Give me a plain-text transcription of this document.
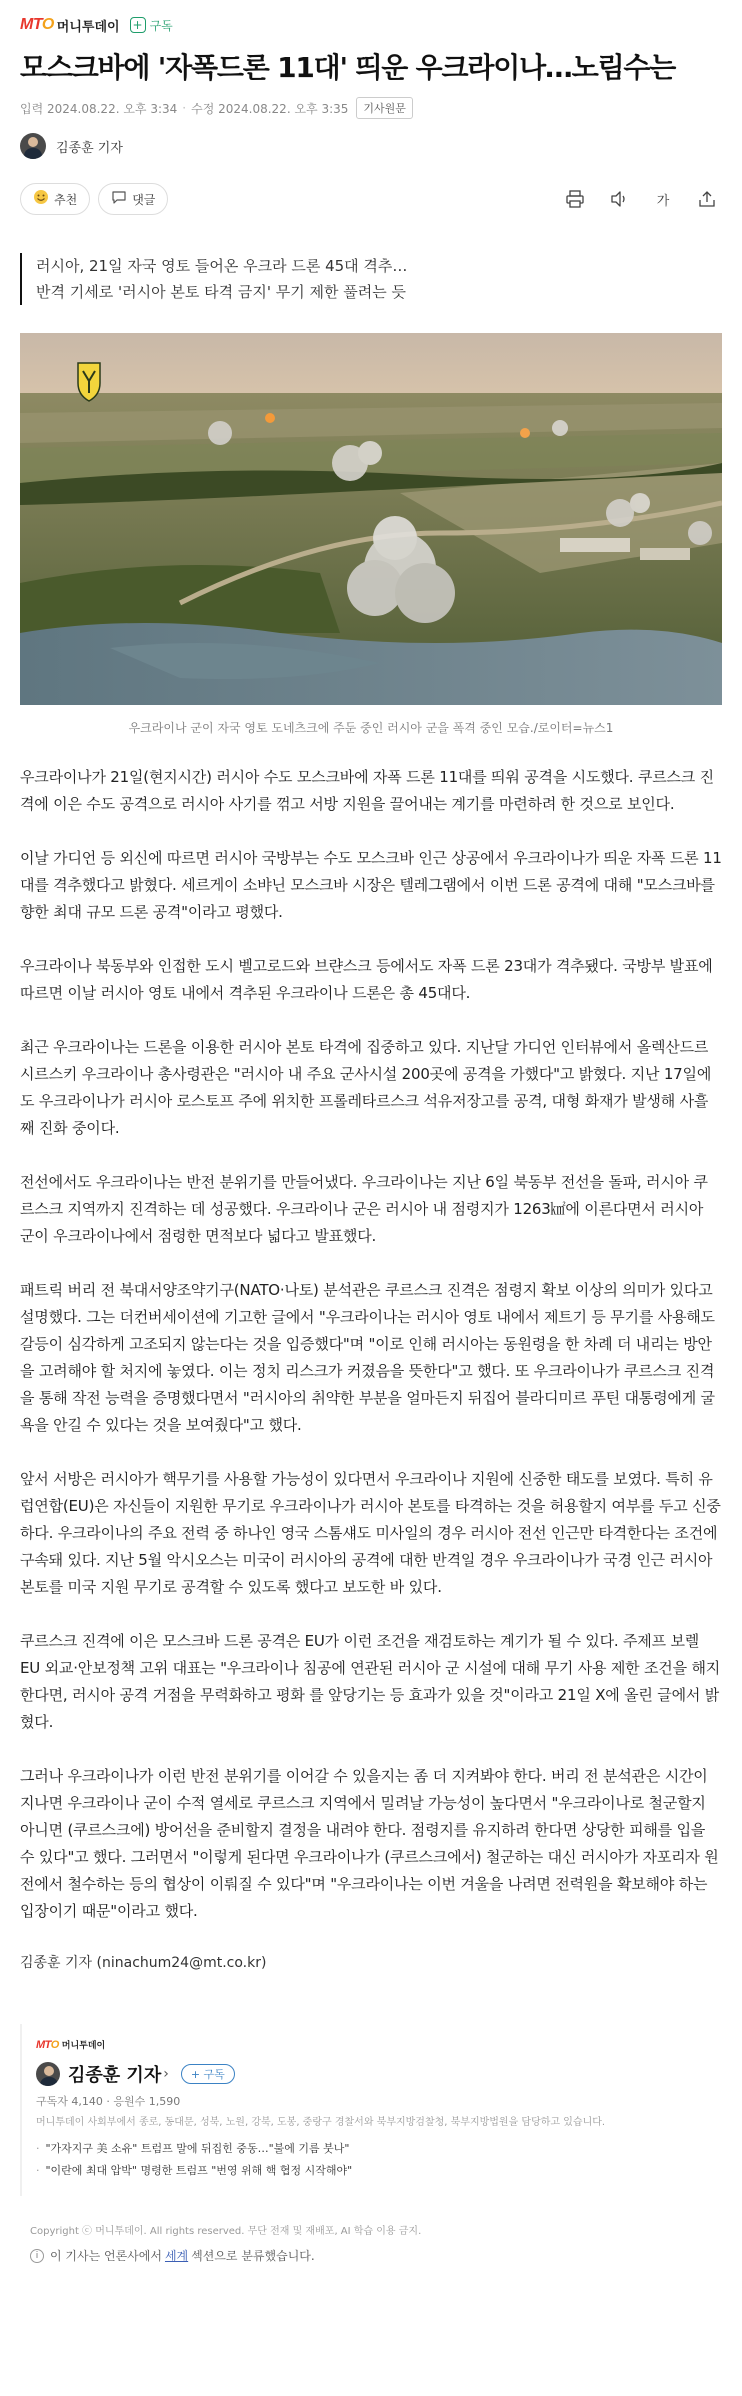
MTO 머니투데이 + 구독
모스크바에 '자폭드론 11대' 띄운 우크라이나…노림수는
입력 2024.08.22. 오후 3:34 · 수정 2024.08.22. 오후 3:35	기사원문
김종훈 기자
추천	댓글	가

러시아, 21일 자국 영토 들어온 우크라 드론 45대 격추…

반격 기세로 '러시아 본토 타격 금지' 무기 제한 풀려는 듯

우크라이나 군이 자국 영토 도네츠크에 주둔 중인 러시아 군을 폭격 중인 모습./로이터=뉴스1

우크라이나가 21일(현지시간) 러시아 수도 모스크바에 자폭 드론 11대를 띄워 공격을 시도했다. 쿠르스크 진격에 이은 수도 공격으로 러시아 사기를 꺾고 서방 지원을 끌어내는 계기를 마련하려 한 것으로 보인다.

이날 가디언 등 외신에 따르면 러시아 국방부는 수도 모스크바 인근 상공에서 우크라이나가 띄운 자폭 드론 11대를 격추했다고 밝혔다. 세르게이 소뱌닌 모스크바 시장은 텔레그램에서 이번 드론 공격에 대해 "모스크바를 향한 최대 규모 드론 공격"이라고 평했다.

우크라이나 북동부와 인접한 도시 벨고로드와 브랸스크 등에서도 자폭 드론 23대가 격추됐다. 국방부 발표에 따르면 이날 러시아 영토 내에서 격추된 우크라이나 드론은 총 45대다.

최근 우크라이나는 드론을 이용한 러시아 본토 타격에 집중하고 있다. 지난달 가디언 인터뷰에서 올렉산드르 시르스키 우크라이나 총사령관은 "러시아 내 주요 군사시설 200곳에 공격을 가했다"고 밝혔다. 지난 17일에도 우크라이나가 러시아 로스토프 주에 위치한 프롤레타르스크 석유저장고를 공격, 대형 화재가 발생해 사흘째 진화 중이다.

전선에서도 우크라이나는 반전 분위기를 만들어냈다. 우크라이나는 지난 6일 북동부 전선을 돌파, 러시아 쿠르스크 지역까지 진격하는 데 성공했다. 우크라이나 군은 러시아 내 점령지가 1263㎢에 이른다면서 러시아 군이 우크라이나에서 점령한 면적보다 넓다고 발표했다.

패트릭 버리 전 북대서양조약기구(NATO·나토) 분석관은 쿠르스크 진격은 점령지 확보 이상의 의미가 있다고 설명했다. 그는 더컨버세이션에 기고한 글에서 "우크라이나는 러시아 영토 내에서 제트기 등 무기를 사용해도 갈등이 심각하게 고조되지 않는다는 것을 입증했다"며 "이로 인해 러시아는 동원령을 한 차례 더 내리는 방안을 고려해야 할 처지에 놓였다. 이는 정치 리스크가 커졌음을 뜻한다"고 했다. 또 우크라이나가 쿠르스크 진격을 통해 작전 능력을 증명했다면서 "러시아의 취약한 부분을 얼마든지 뒤집어 블라디미르 푸틴 대통령에게 굴욕을 안길 수 있다는 것을 보여줬다"고 했다.

앞서 서방은 러시아가 핵무기를 사용할 가능성이 있다면서 우크라이나 지원에 신중한 태도를 보였다. 특히 유럽연합(EU)은 자신들이 지원한 무기로 우크라이나가 러시아 본토를 타격하는 것을 허용할지 여부를 두고 신중하다. 우크라이나의 주요 전력 중 하나인 영국 스톰섀도 미사일의 경우 러시아 전선 인근만 타격한다는 조건에 구속돼 있다. 지난 5월 악시오스는 미국이 러시아의 공격에 대한 반격일 경우 우크라이나가 국경 인근 러시아 본토를 미국 지원 무기로 공격할 수 있도록 했다고 보도한 바 있다.

쿠르스크 진격에 이은 모스크바 드론 공격은 EU가 이런 조건을 재검토하는 계기가 될 수 있다. 주제프 보렐 EU 외교·안보정책 고위 대표는 "우크라이나 침공에 연관된 러시아 군 시설에 대해 무기 사용 제한 조건을 해지한다면, 러시아 공격 거점을 무력화하고 평화 를 앞당기는 등 효과가 있을 것"이라고 21일 X에 올린 글에서 밝혔다.

그러나 우크라이나가 이런 반전 분위기를 이어갈 수 있을지는 좀 더 지켜봐야 한다. 버리 전 분석관은 시간이 지나면 우크라이나 군이 수적 열세로 쿠르스크 지역에서 밀려날 가능성이 높다면서 "우크라이나로 철군할지 아니면 (쿠르스크에) 방어선을 준비할지 결정을 내려야 한다. 점령지를 유지하려 한다면 상당한 피해를 입을 수 있다"고 했다. 그러면서 "이렇게 된다면 우크라이나가 (쿠르스크에서) 철군하는 대신 러시아가 자포리자 원전에서 철수하는 등의 협상이 이뤄질 수 있다"며 "우크라이나는 이번 겨울을 나려면 전력원을 확보해야 하는 입장이기 때문"이라고 했다.

김종훈 기자 (ninachum24@mt.co.kr)
MTO 머니투데이
김종훈 기자 ›	+ 구독
구독자 4,140 · 응원수 1,590
머니투데이 사회부에서 종로, 동대문, 성북, 노원, 강북, 도봉, 중랑구 경찰서와 북부지방검찰청, 북부지방법원을 담당하고 있습니다.
· "가자지구 美 소유" 트럼프 말에 뒤집힌 중동…"불에 기름 붓나"
· "이란에 최대 압박" 명령한 트럼프 "번영 위해 핵 협정 시작해야"
Copyright ⓒ 머니투데이. All rights reserved. 무단 전재 및 재배포, AI 학습 이용 금지.
i 이 기사는 언론사에서 세계 섹션으로 분류했습니다.
